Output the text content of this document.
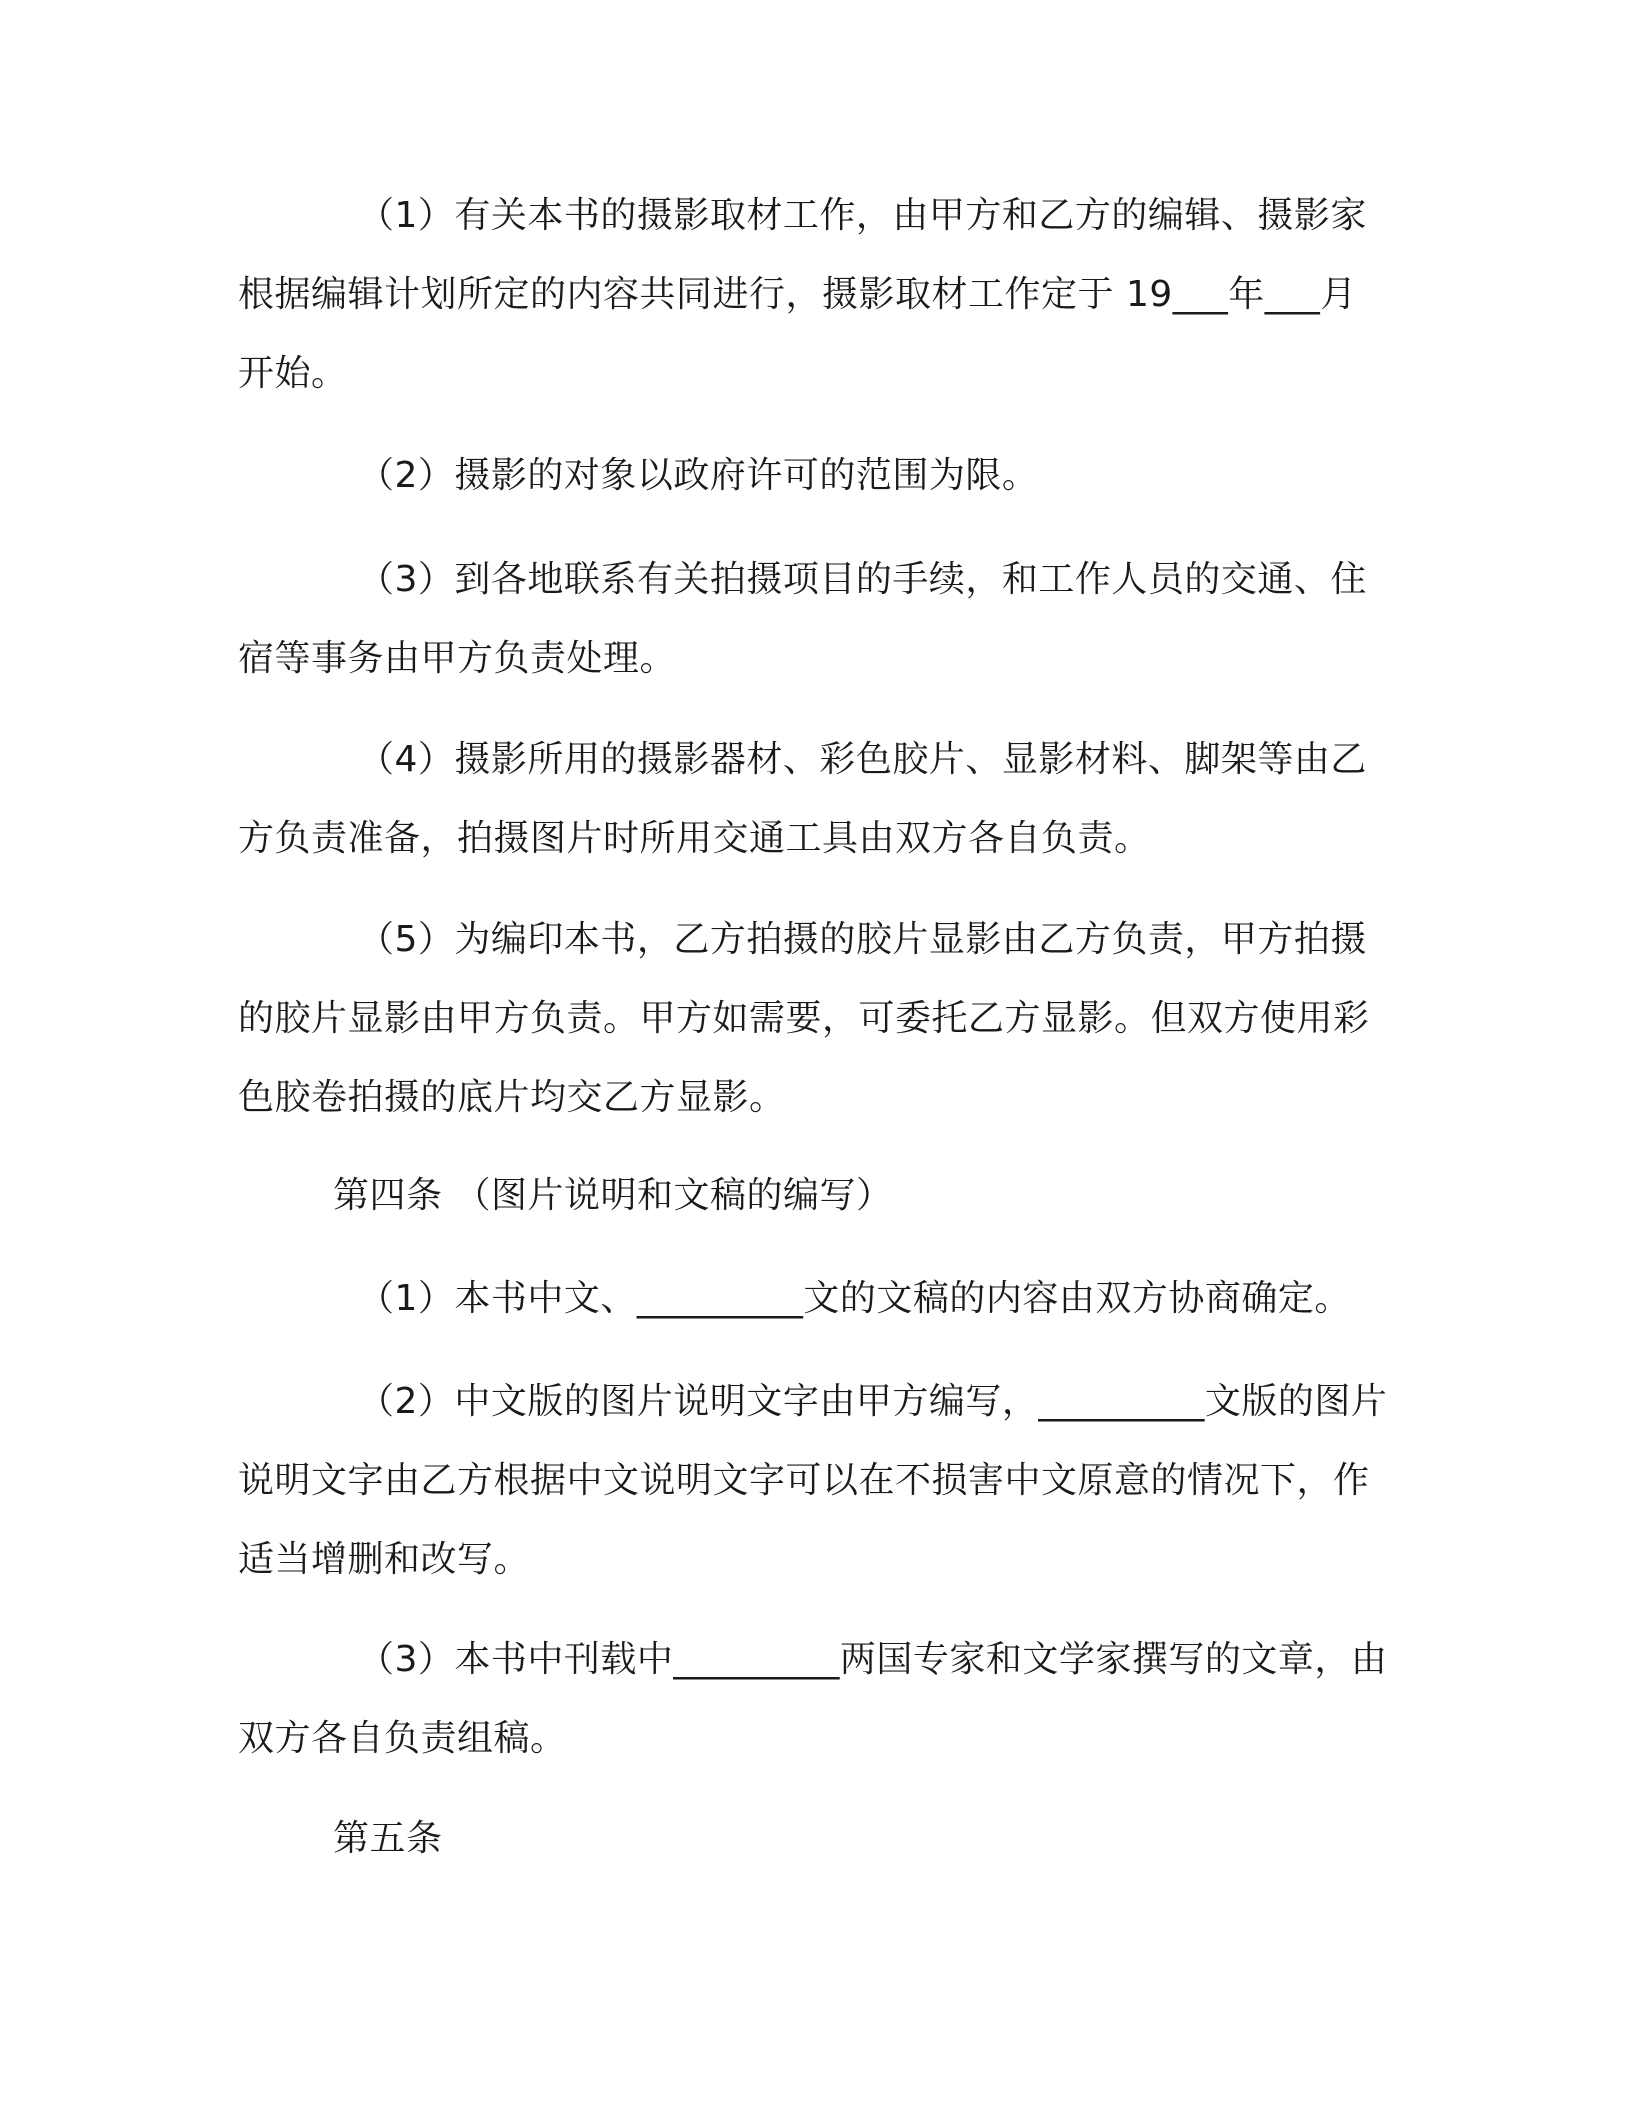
（1）有关本书的摄影取材工作，由甲方和乙方的编辑、摄影家根据编辑计划所定的内容共同进行，摄影取材工作定于 19___年___月开始。

（2）摄影的对象以政府许可的范围为限。

（3）到各地联系有关拍摄项目的手续，和工作人员的交通、住宿等事务由甲方负责处理。

（4）摄影所用的摄影器材、彩色胶片、显影材料、脚架等由乙方负责准备，拍摄图片时所用交通工具由双方各自负责。

（5）为编印本书，乙方拍摄的胶片显影由乙方负责，甲方拍摄的胶片显影由甲方负责。甲方如需要，可委托乙方显影。但双方使用彩色胶卷拍摄的底片均交乙方显影。

第四条 （图片说明和文稿的编写）

（1）本书中文、_________文的文稿的内容由双方协商确定。

（2）中文版的图片说明文字由甲方编写，_________文版的图片说明文字由乙方根据中文说明文字可以在不损害中文原意的情况下，作适当增删和改写。

（3）本书中刊载中_________两国专家和文学家撰写的文章，由双方各自负责组稿。

第五条
